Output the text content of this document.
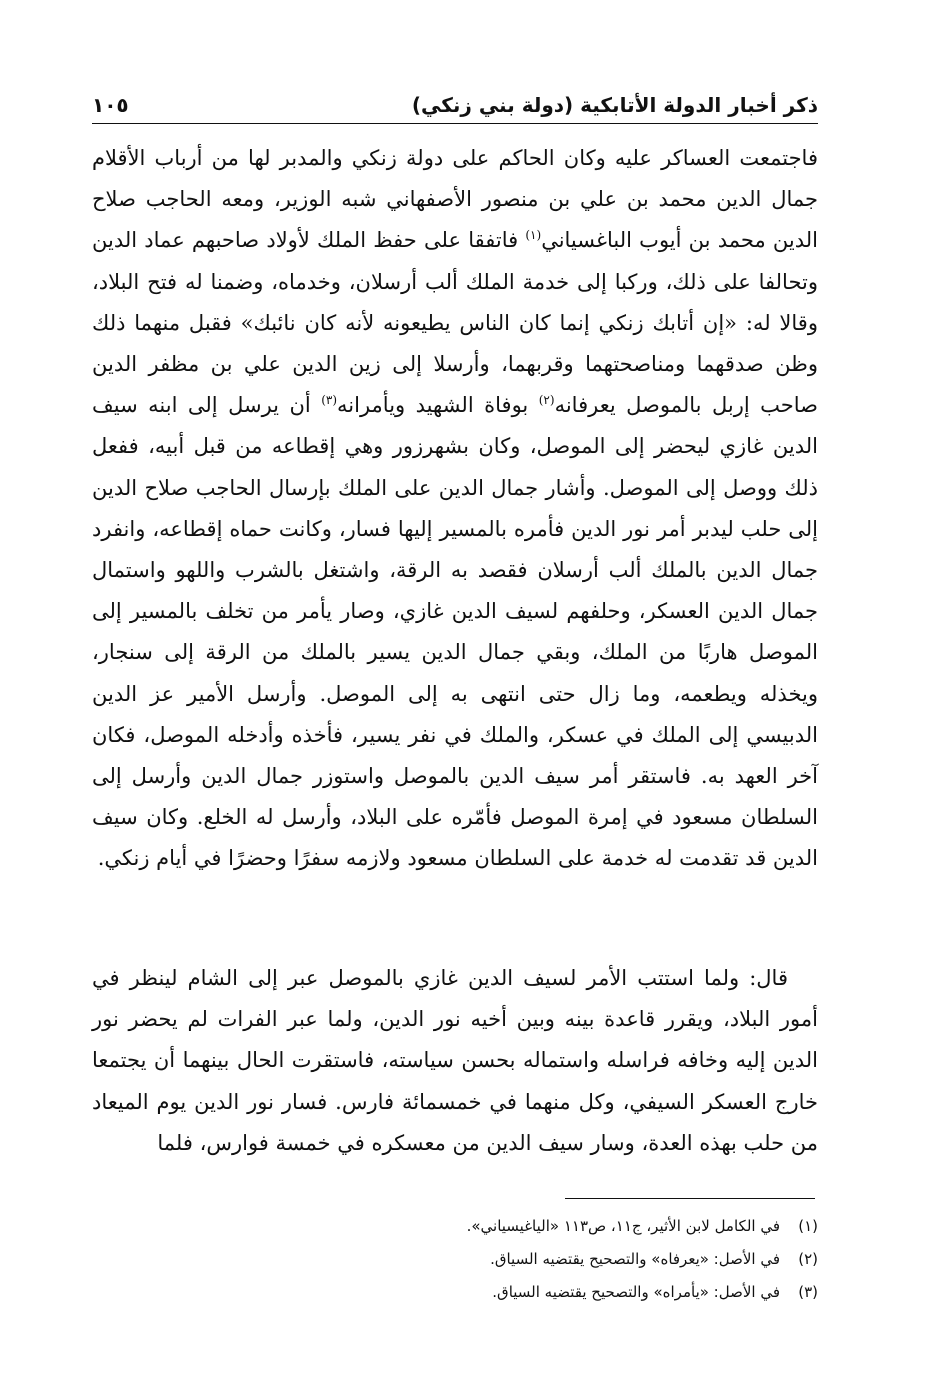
ذكر أخبار الدولة الأتابكية (دولة بني زنكي)
١٠٥

فاجتمعت العساكر عليه وكان الحاكم على دولة زنكي والمدبر لها من أرباب الأقلام جمال الدين محمد بن علي بن منصور الأصفهاني شبه الوزير، ومعه الحاجب صلاح الدين محمد بن أيوب الباغسياني$^{(١)}$ فاتفقا على حفظ الملك لأولاد صاحبهم عماد الدين وتحالفا على ذلك، وركبا إلى خدمة الملك ألب أرسلان، وخدماه، وضمنا له فتح البلاد، وقالا له: «إن أتابك زنكي إنما كان الناس يطيعونه لأنه كان نائبك» فقبل منهما ذلك وظن صدقهما ومناصحتهما وقربهما، وأرسلا إلى زين الدين علي بن مظفر الدين صاحب إربل بالموصل يعرفانه$^{(٢)}$ بوفاة الشهيد ويأمرانه$^{(٣)}$ أن يرسل إلى ابنه سيف الدين غازي ليحضر إلى الموصل، وكان بشهرزور وهي إقطاعه من قبل أبيه، ففعل ذلك ووصل إلى الموصل. وأشار جمال الدين على الملك بإرسال الحاجب صلاح الدين إلى حلب ليدبر أمر نور الدين فأمره بالمسير إليها فسار، وكانت حماه إقطاعه، وانفرد جمال الدين بالملك ألب أرسلان فقصد به الرقة، واشتغل بالشرب واللهو واستمال جمال الدين العسكر، وحلفهم لسيف الدين غازي، وصار يأمر من تخلف بالمسير إلى الموصل هاربًا من الملك، وبقي جمال الدين يسير بالملك من الرقة إلى سنجار، ويخذله ويطعمه، وما زال حتى انتهى به إلى الموصل. وأرسل الأمير عز الدين الدبيسي إلى الملك في عسكر، والملك في نفر يسير، فأخذه وأدخله الموصل، فكان آخر العهد به. فاستقر أمر سيف الدين بالموصل واستوزر جمال الدين وأرسل إلى السلطان مسعود في إمرة الموصل فأمّره على البلاد، وأرسل له الخلع. وكان سيف الدين قد تقدمت له خدمة على السلطان مسعود ولازمه سفرًا وحضرًا في أيام زنكي.

قال: ولما استتب الأمر لسيف الدين غازي بالموصل عبر إلى الشام لينظر في أمور البلاد، ويقرر قاعدة بينه وبين أخيه نور الدين، ولما عبر الفرات لم يحضر نور الدين إليه وخافه فراسله واستماله بحسن سياسته، فاستقرت الحال بينهما أن يجتمعا خارج العسكر السيفي، وكل منهما في خمسمائة فارس. فسار نور الدين يوم الميعاد من حلب بهذه العدة، وسار سيف الدين من معسكره في خمسة فوارس، فلما

(١)
في الكامل لابن الأثير، ج١١، ص١١٣ «الياغيسياني».
(٢)
في الأصل: «يعرفاه» والتصحيح يقتضيه السياق.
(٣)
في الأصل: «يأمراه» والتصحيح يقتضيه السياق.
